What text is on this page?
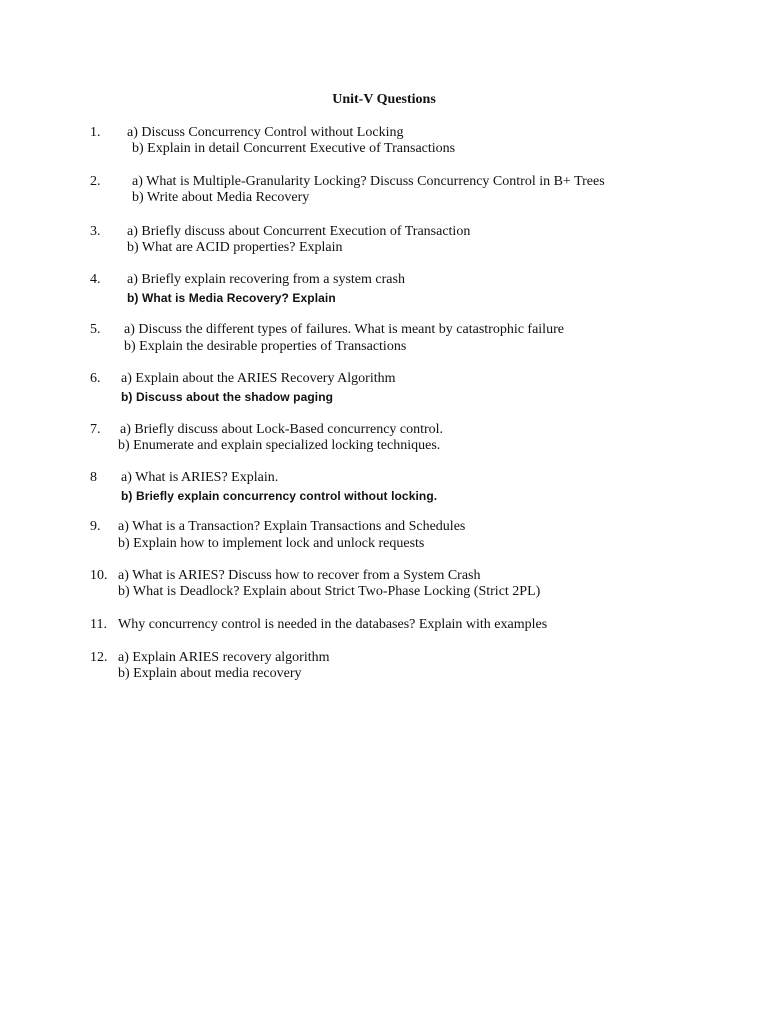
Unit-V Questions
1. a) Discuss Concurrency Control without Locking
b) Explain in detail Concurrent Executive of Transactions
2. a) What is Multiple-Granularity Locking? Discuss Concurrency Control in B+ Trees
b) Write about Media Recovery
3. a) Briefly discuss about Concurrent Execution of Transaction
b) What are ACID properties? Explain
4. a) Briefly explain recovering from a system crash
b) What is Media Recovery? Explain
5. a) Discuss the different types of failures. What is meant by catastrophic failure
b) Explain the desirable properties of Transactions
6. a) Explain about the ARIES Recovery Algorithm
b) Discuss about the shadow paging
7. a) Briefly discuss about Lock-Based concurrency control.
b) Enumerate and explain specialized locking techniques.
8 a) What is ARIES? Explain.
b) Briefly explain concurrency control without locking.
9. a) What is a Transaction? Explain Transactions and Schedules
b) Explain how to implement lock and unlock requests
10. a) What is ARIES? Discuss how to recover from a System Crash
b) What is Deadlock? Explain about Strict Two-Phase Locking (Strict 2PL)
11. Why concurrency control is needed in the databases? Explain with examples
12. a) Explain ARIES recovery algorithm
b) Explain about media recovery
